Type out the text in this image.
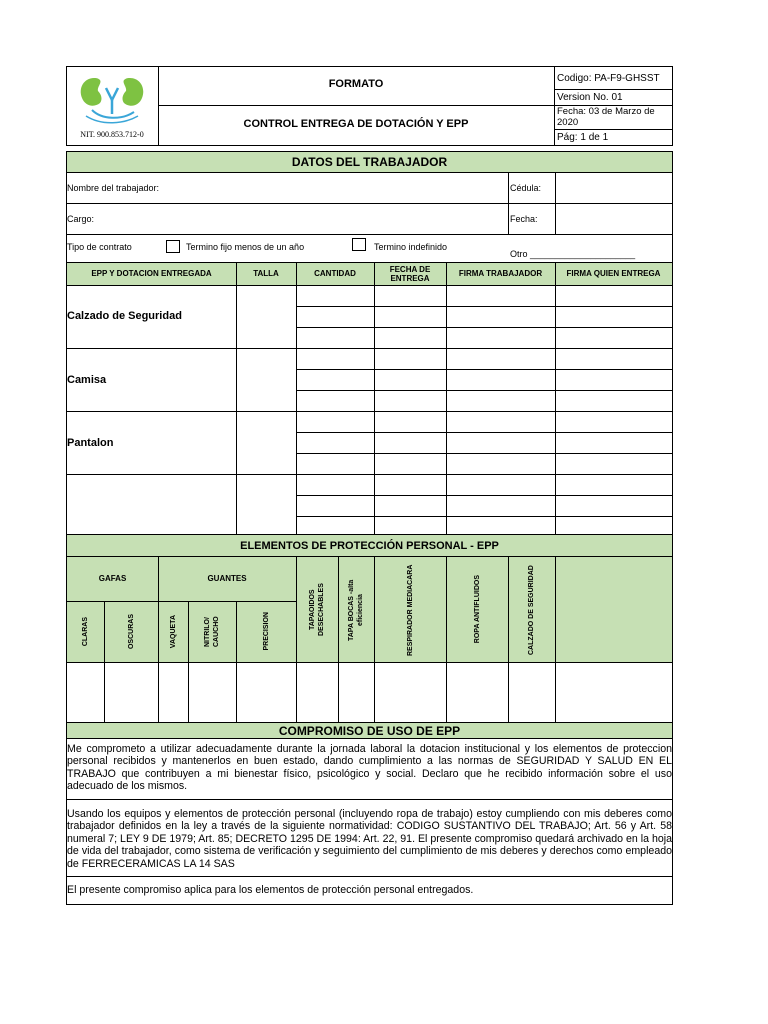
NIT. 900.853.712-0
FORMATO
CONTROL ENTREGA DE DOTACIÓN Y EPP
Codigo: PA-F9-GHSST
Version No. 01
Fecha: 03 de Marzo de 2020
Pág: 1 de 1
DATOS DEL TRABAJADOR
Nombre del trabajador:	Cédula:
Cargo:	Fecha:
Tipo de contrato	Termino fijo menos de un año	Termino indefinido
Otro _____________________
EPP Y DOTACION ENTREGADA	TALLA	CANTIDAD	FECHA DE ENTREGA	FIRMA TRABAJADOR	FIRMA QUIEN ENTREGA
Calzado de Seguridad
Camisa
Pantalon
ELEMENTOS DE PROTECCIÓN PERSONAL - EPP
GAFAS	GUANTES
CLARAS	OSCURAS	VAQUETA	NITRILO/ CAUCHO	PRECISION
TAPAOIDOS DESECHABLES	TAPA BOCAS -alta eficiencia	RESPIRADOR MEDIACARA	ROPA ANTIFLUIDOS	CALZADO DE SEGURIDAD
COMPROMISO DE USO DE EPP
Me comprometo a utilizar adecuadamente durante la jornada laboral la dotacion institucional y los elementos de proteccion personal recibidos y mantenerlos en buen estado, dando cumplimiento a las normas de SEGURIDAD Y SALUD EN EL TRABAJO que contribuyen a mi bienestar físico, psicológico y social. Declaro que he recibido información sobre el uso adecuado de los mismos.
Usando los equipos y elementos de protección personal (incluyendo ropa de trabajo) estoy cumpliendo con mis deberes como trabajador definidos en la ley a través de la siguiente normatividad: CODIGO SUSTANTIVO DEL TRABAJO; Art. 56 y Art. 58 numeral 7; LEY 9 DE 1979; Art. 85; DECRETO 1295 DE 1994: Art. 22, 91. El presente compromiso quedará archivado en la hoja de vida del trabajador, como sistema de verificación y seguimiento del cumplimiento de mis deberes y derechos como empleado de FERRECERAMICAS LA 14 SAS
El presente compromiso aplica para los elementos de protección personal entregados.
